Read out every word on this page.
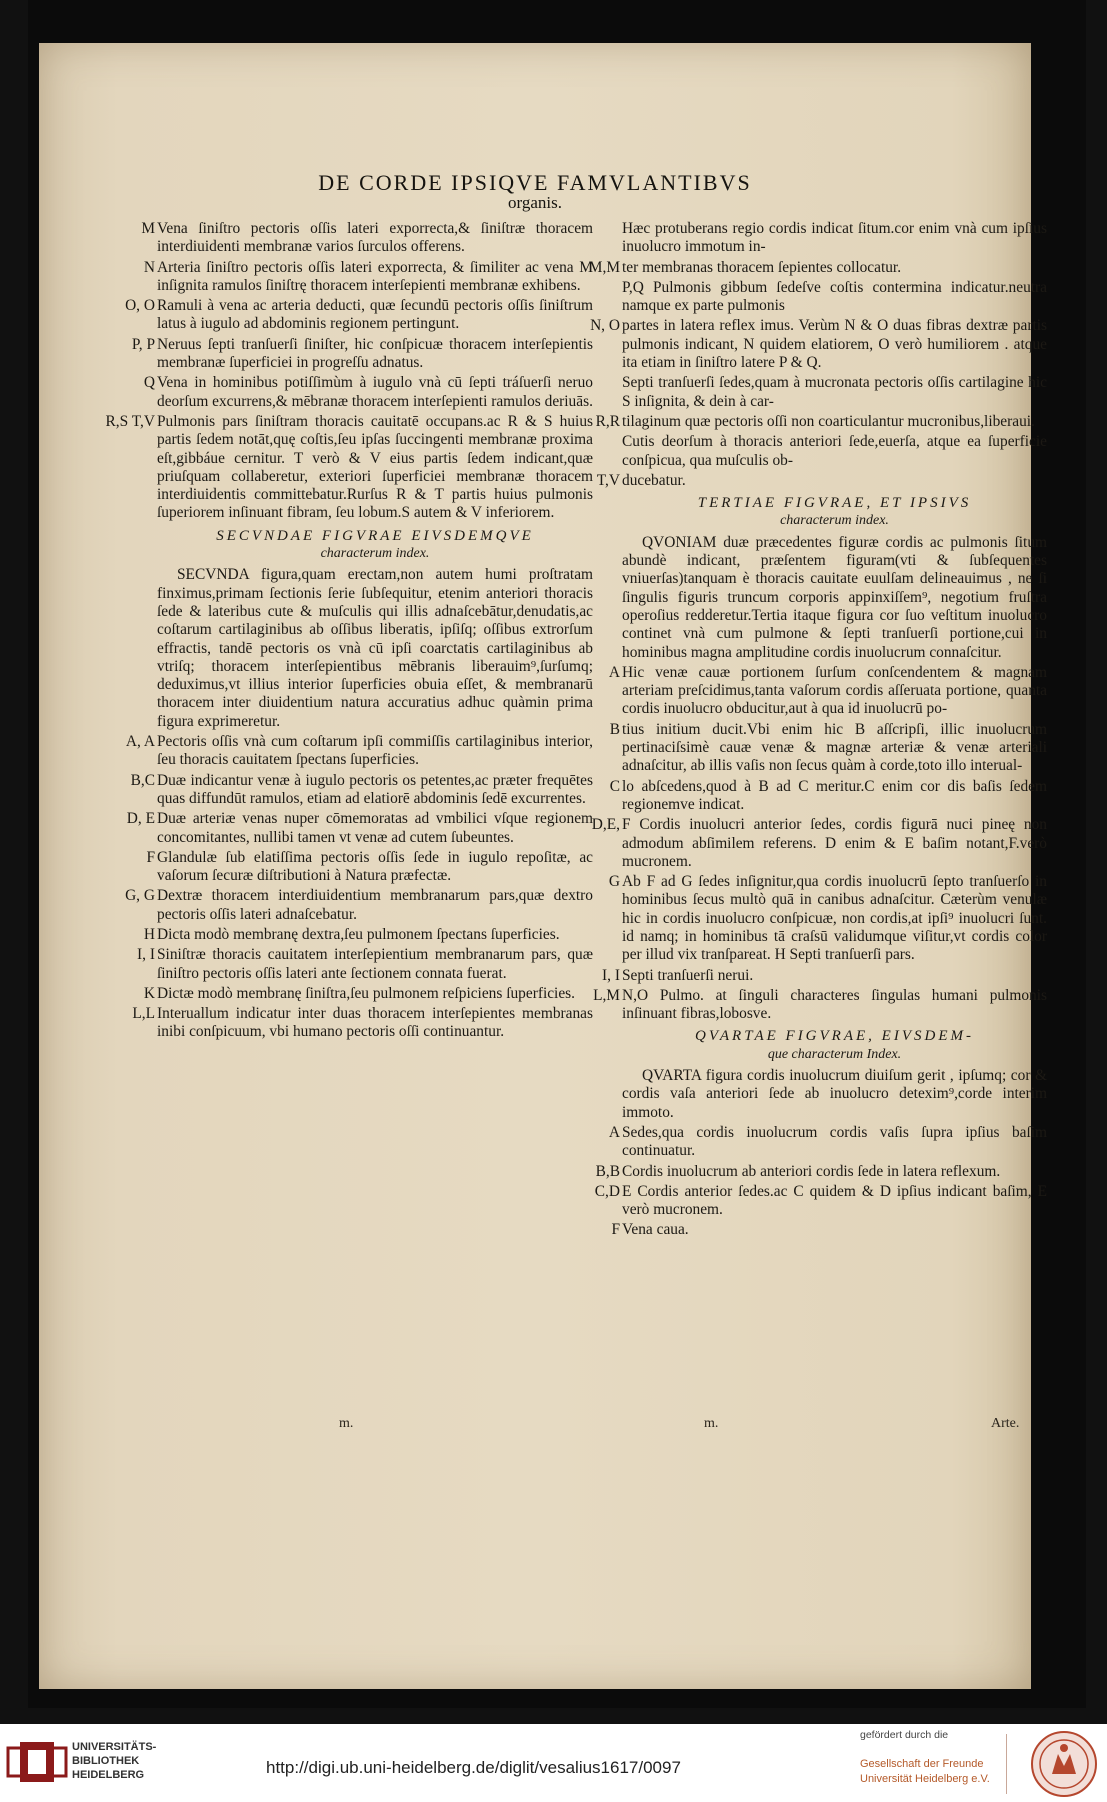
DE CORDE IPSIQVE FAMVLANTIBVS
organis.

M Vena ſiniſtro pectoris oſſis lateri exporrecta,& ſiniſtræ thoracem interdiuidenti membranæ varios ſurculos offerens.

N Arteria ſiniſtro pectoris oſſis lateri exporrecta, & ſimiliter ac vena M inſignita ramulos ſiniſtrę thoracem interſepienti membranæ exhibens.

O, O Ramuli à vena ac arteria deducti, quæ ſecundū pectoris oſſis ſiniſtrum latus à iugulo ad abdominis regionem pertingunt.

P, P Neruus ſepti tranſuerſi ſiniſter, hic conſpicuæ thoracem interſepientis membranæ ſuperficiei in progreſſu adnatus.

Q Vena in hominibus potiſſimùm à iugulo vnà cū ſepti tráſuerſi neruo deorſum excurrens,& mēbranæ thoracem interſepienti ramulos deriuās.

R,S T,V Pulmonis pars ſiniſtram thoracis cauitatē occupans.ac R & S huius partis ſedem notāt,quę coſtis,ſeu ipſas ſuccingenti membranæ proxima eſt,gibbáue cernitur. T verò & V eius partis ſedem indicant,quæ priuſquam collaberetur, exteriori ſuperficiei membranæ thoracem interdiuidentis committebatur.Rurſus R & T partis huius pulmonis ſuperiorem inſinuant fibram, ſeu lobum.S autem & V inferiorem.

SECVNDAE FIGVRAE EIVSDEMQVE
characterum index.

SECVNDA figura,quam erectam,non autem humi proſtratam finximus,primam ſectionis ſerie ſubſequitur, etenim anteriori thoracis ſede & lateribus cute & muſculis qui illis adnaſcebātur,denudatis,ac coſtarum cartilaginibus ab oſſibus liberatis, ipſiſq; oſſibus extrorſum effractis, tandē pectoris os vnà cū ipſi coarctatis cartilaginibus ab vtriſq; thoracem interſepientibus mēbranis liberauim⁹,ſurſumq; deduximus,vt illius interior ſuperficies obuia eſſet, & membranarū thoracem inter diuidentium natura accuratius adhuc quàmin prima figura exprimeretur.

A, A Pectoris oſſis vnà cum coſtarum ipſi commiſſis cartilaginibus interior, ſeu thoracis cauitatem ſpectans ſuperficies.

B,C Duæ indicantur venæ à iugulo pectoris os petentes,ac præter frequētes quas diffundūt ramulos, etiam ad elatiorē abdominis ſedē excurrentes.

D, E Duæ arteriæ venas nuper cōmemoratas ad vmbilici vſque regionem concomitantes, nullibi tamen vt venæ ad cutem ſubeuntes.

F Glandulæ ſub elatiſſima pectoris oſſis ſede in iugulo repoſitæ, ac vaſorum ſecuræ diſtributioni à Natura præfectæ.

G, G Dextræ thoracem interdiuidentium membranarum pars,quæ dextro pectoris oſſis lateri adnaſcebatur.

H Dicta modò membranę dextra,ſeu pulmonem ſpectans ſuperficies.

I, I Siniſtræ thoracis cauitatem interſepientium membranarum pars, quæ ſiniſtro pectoris oſſis lateri ante ſectionem connata fuerat.

K Dictæ modò membranę ſiniſtra,ſeu pulmonem reſpiciens ſuperficies.

L,L Interuallum indicatur inter duas thoracem interſepientes membranas inibi conſpicuum, vbi humano pectoris oſſi continuantur.

Hæc protuberans regio cordis indicat ſitum.cor enim vnà cum ipſius inuolucro immotum in-

M,M ter membranas thoracem ſepientes collocatur.

P,Q Pulmonis gibbum ſedeſve coſtis contermina indicatur.neutra namque ex parte pulmonis

N, O partes in latera reflex imus. Verùm N & O duas fibras dextræ partis pulmonis indicant, N quidem elatiorem, O verò humiliorem . atque ita etiam in ſiniſtro latere P & Q.

Septi tranſuerſi ſedes,quam à mucronata pectoris oſſis cartilagine hic S inſignita, & dein à car-

R,R tilaginum quæ pectoris oſſi non coarticulantur mucronibus,liberaui.

Cutis deorſum à thoracis anteriori ſede,euerſa, atque ea ſuperficie conſpicua, qua muſculis ob-

T,V ducebatur.

TERTIAE FIGVRAE, ET IPSIVS
characterum index.

QVONIAM duæ præcedentes figuræ cordis ac pulmonis ſitum abundè indicant, præſentem figuram(vti & ſubſequentes vniuerſas)tanquam è thoracis cauitate euulſam delineauimus , ne ſi ſingulis figuris truncum corporis appinxiſſem⁹, negotium fruſtra operoſius redderetur.Tertia itaque figura cor ſuo veſtitum inuolucro continet vnà cum pulmone & ſepti tranſuerſi portione,cui in hominibus magna amplitudine cordis inuolucrum connaſcitur.

A Hic venæ cauæ portionem ſurſum conſcendentem & magnam arteriam preſcidimus,tanta vaſorum cordis aſſeruata portione, quanta cordis inuolucro obducitur,aut à qua id inuolucrū po-

B tius initium ducit.Vbi enim hic B aſſcripſi, illic inuolucrum pertinaciſsimè cauæ venæ & magnæ arteriæ & venæ arteriali adnaſcitur, ab illis vaſis non ſecus quàm à corde,toto illo interual-

C lo abſcedens,quod à B ad C meritur.C enim cor dis baſis ſedem regionemve indicat.

D,E, F Cordis inuolucri anterior ſedes, cordis figurā nuci pineę non admodum abſimilem referens. D enim & E baſim notant,F.verò mucronem.

G Ab F ad G ſedes inſignitur,qua cordis inuolucrū ſepto tranſuerſo in hominibus ſecus multò quā in canibus adnaſcitur. Cæterùm venulæ hic in cordis inuolucro conſpicuæ, non cordis,at ipſi⁹ inuolucri ſunt. id namq; in hominibus tā craſsū validumque viſitur,vt cordis color per illud vix tranſpareat. H Septi tranſuerſi pars.

I, I Septi tranſuerſi nerui.

L,M N,O Pulmo. at ſinguli characteres ſingulas humani pulmonis inſinuant fibras,lobosve.

QVARTAE FIGVRAE, EIVSDEM-
que characterum Index.

QVARTA figura cordis inuolucrum diuiſum gerit , ipſumq; cor & cordis vaſa anteriori ſede ab inuolucro detexim⁹,corde interim immoto.

A Sedes,qua cordis inuolucrum cordis vaſis ſupra ipſius baſim continuatur.

B,B Cordis inuolucrum ab anteriori cordis ſede in latera reflexum.

C,D E Cordis anterior ſedes.ac C quidem & D ipſius indicant baſim, E verò mucronem.

F Vena caua.

m.	m.	Arte.
UNIVERSITÄTS-
BIBLIOTHEK
HEIDELBERG	http://digi.ub.uni-heidelberg.de/diglit/vesalius1617/0097
gefördert durch die
Gesellschaft der Freunde
Universität Heidelberg e.V.
